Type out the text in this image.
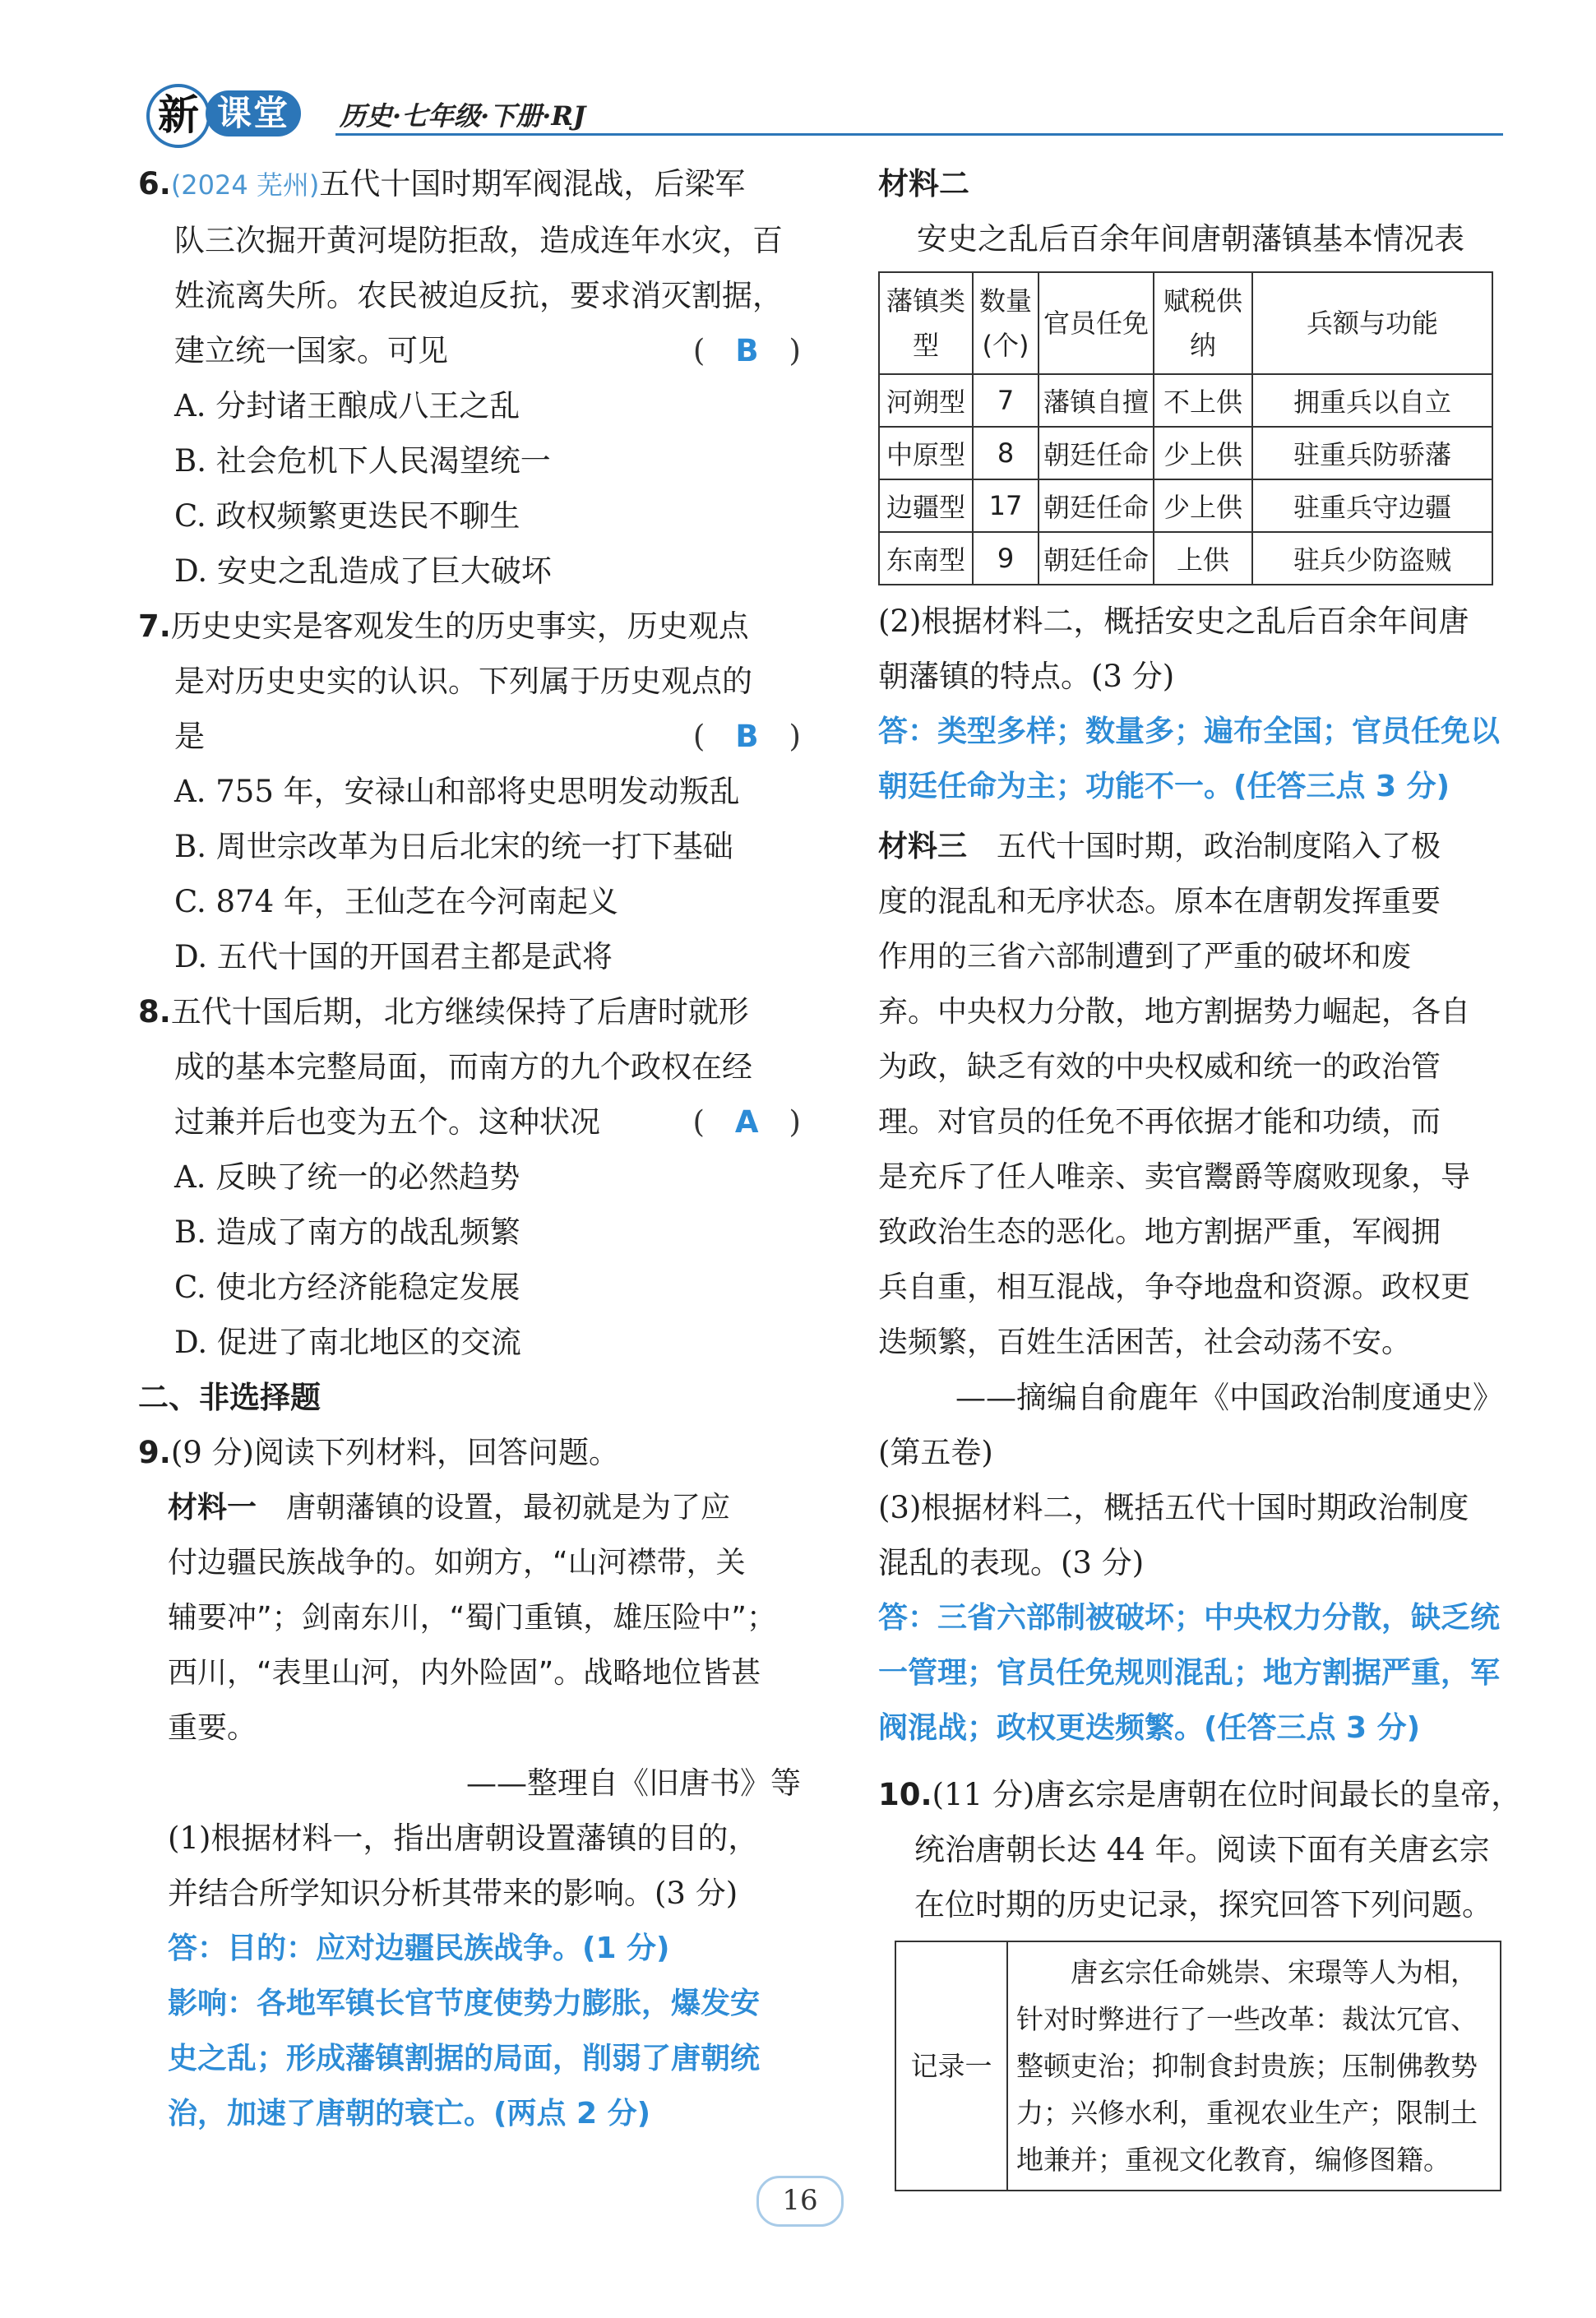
新 课堂	历史·七年级·下册·RJ
6.(2024 芜州)五代十国时期军阀混战，后梁军
队三次掘开黄河堤防拒敌，造成连年水灾，百
姓流离失所。农民被迫反抗，要求消灭割据，
建立统一国家。可见	(　B　)
A. 分封诸王酿成八王之乱
B. 社会危机下人民渴望统一
C. 政权频繁更迭民不聊生
D. 安史之乱造成了巨大破坏
7.历史史实是客观发生的历史事实，历史观点
是对历史史实的认识。下列属于历史观点的
是	(　B　)
A. 755 年，安禄山和部将史思明发动叛乱
B. 周世宗改革为日后北宋的统一打下基础
C. 874 年，王仙芝在今河南起义
D. 五代十国的开国君主都是武将
8.五代十国后期，北方继续保持了后唐时就形
成的基本完整局面，而南方的九个政权在经
过兼并后也变为五个。这种状况	(　A　)
A. 反映了统一的必然趋势
B. 造成了南方的战乱频繁
C. 使北方经济能稳定发展
D. 促进了南北地区的交流
二、非选择题
9.(9 分)阅读下列材料，回答问题。
材料一　 唐朝藩镇的设置，最初就是为了应
付边疆民族战争的。如朔方，“山河襟带，关
辅要冲”；剑南东川，“蜀门重镇，雄压险中”；
西川，“表里山河，内外险固”。战略地位皆甚
重要。
——整理自《旧唐书》等
(1)根据材料一，指出唐朝设置藩镇的目的，
并结合所学知识分析其带来的影响。(3 分)
答：目的：应对边疆民族战争。(1 分)
影响：各地军镇长官节度使势力膨胀，爆发安
史之乱；形成藩镇割据的局面，削弱了唐朝统
治，加速了唐朝的衰亡。(两点 2 分)
材料二
安史之乱后百余年间唐朝藩镇基本情况表
藩镇类型	数量(个)	官员任免	赋税供纳	兵额与功能
河朔型	7	藩镇自擅	不上供	拥重兵以自立
中原型	8	朝廷任命	少上供	驻重兵防骄藩
边疆型	17	朝廷任命	少上供	驻重兵守边疆
东南型	9	朝廷任命	上供	驻兵少防盗贼
(2)根据材料二，概括安史之乱后百余年间唐
朝藩镇的特点。(3 分)
答：类型多样；数量多；遍布全国；官员任免以
朝廷任命为主；功能不一。(任答三点 3 分)
材料三　 五代十国时期，政治制度陷入了极
度的混乱和无序状态。原本在唐朝发挥重要
作用的三省六部制遭到了严重的破坏和废
弃。中央权力分散，地方割据势力崛起，各自
为政，缺乏有效的中央权威和统一的政治管
理。对官员的任免不再依据才能和功绩，而
是充斥了任人唯亲、卖官鬻爵等腐败现象，导
致政治生态的恶化。地方割据严重，军阀拥
兵自重，相互混战，争夺地盘和资源。政权更
迭频繁，百姓生活困苦，社会动荡不安。
——摘编自俞鹿年《中国政治制度通史》
(第五卷)
(3)根据材料二，概括五代十国时期政治制度
混乱的表现。(3 分)
答：三省六部制被破坏；中央权力分散，缺乏统
一管理；官员任免规则混乱；地方割据严重，军
阀混战；政权更迭频繁。(任答三点 3 分)
10.(11 分)唐玄宗是唐朝在位时间最长的皇帝，
统治唐朝长达 44 年。阅读下面有关唐玄宗
在位时期的历史记录，探究回答下列问题。
记录一	
唐玄宗任命姚崇、宋璟等人为相，
针对时弊进行了一些改革：裁汰冗官、
整顿吏治；抑制食封贵族；压制佛教势
力；兴修水利，重视农业生产；限制土
地兼并；重视文化教育，编修图籍。
16
